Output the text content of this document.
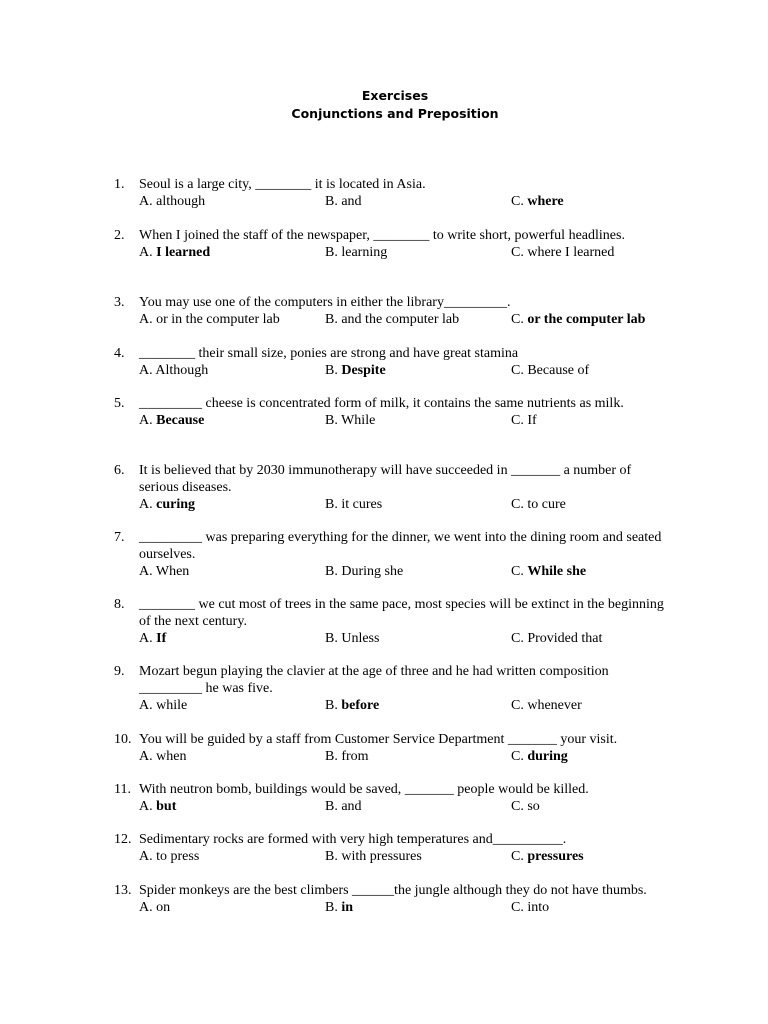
Exercises
Conjunctions and Preposition
1.	Seoul is a large city, ________ it is located in Asia.
A. although	B. and	C. where
2.	When I joined the staff of the newspaper, ________ to write short, powerful headlines.
A. I learned	B. learning	C. where I learned
3.	You may use one of the computers in either the library_________.
A. or in the computer lab	B. and the computer lab	C. or the computer lab
4.	________ their small size, ponies are strong and have great stamina
A. Although	B. Despite	C. Because of
5.	_________ cheese is concentrated form of milk, it contains the same nutrients as milk.
A. Because	B. While	C. If
6.	It is believed that by 2030 immunotherapy will have succeeded in _______ a number of serious diseases.
A. curing	B. it cures	C. to cure
7.	_________ was preparing everything for the dinner, we went into the dining room and seated ourselves.
A. When	B. During she	C. While she
8.	________ we cut most of trees in the same pace, most species will be extinct in the beginning of the next century.
A. If	B. Unless	C. Provided that
9.	Mozart begun playing the clavier at the age of three and he had written composition _________ he was five.
A. while	B. before	C. whenever
10. You will be guided by a staff from Customer Service Department _______ your visit.
A. when	B. from	C. during
11. With neutron bomb, buildings would be saved, _______ people would be killed.
A. but	B. and	C. so
12. Sedimentary rocks are formed with very high temperatures and__________.
A. to press	B. with pressures	C. pressures
13. Spider monkeys are the best climbers ______the jungle although they do not have thumbs.
A. on	B. in	C. into
